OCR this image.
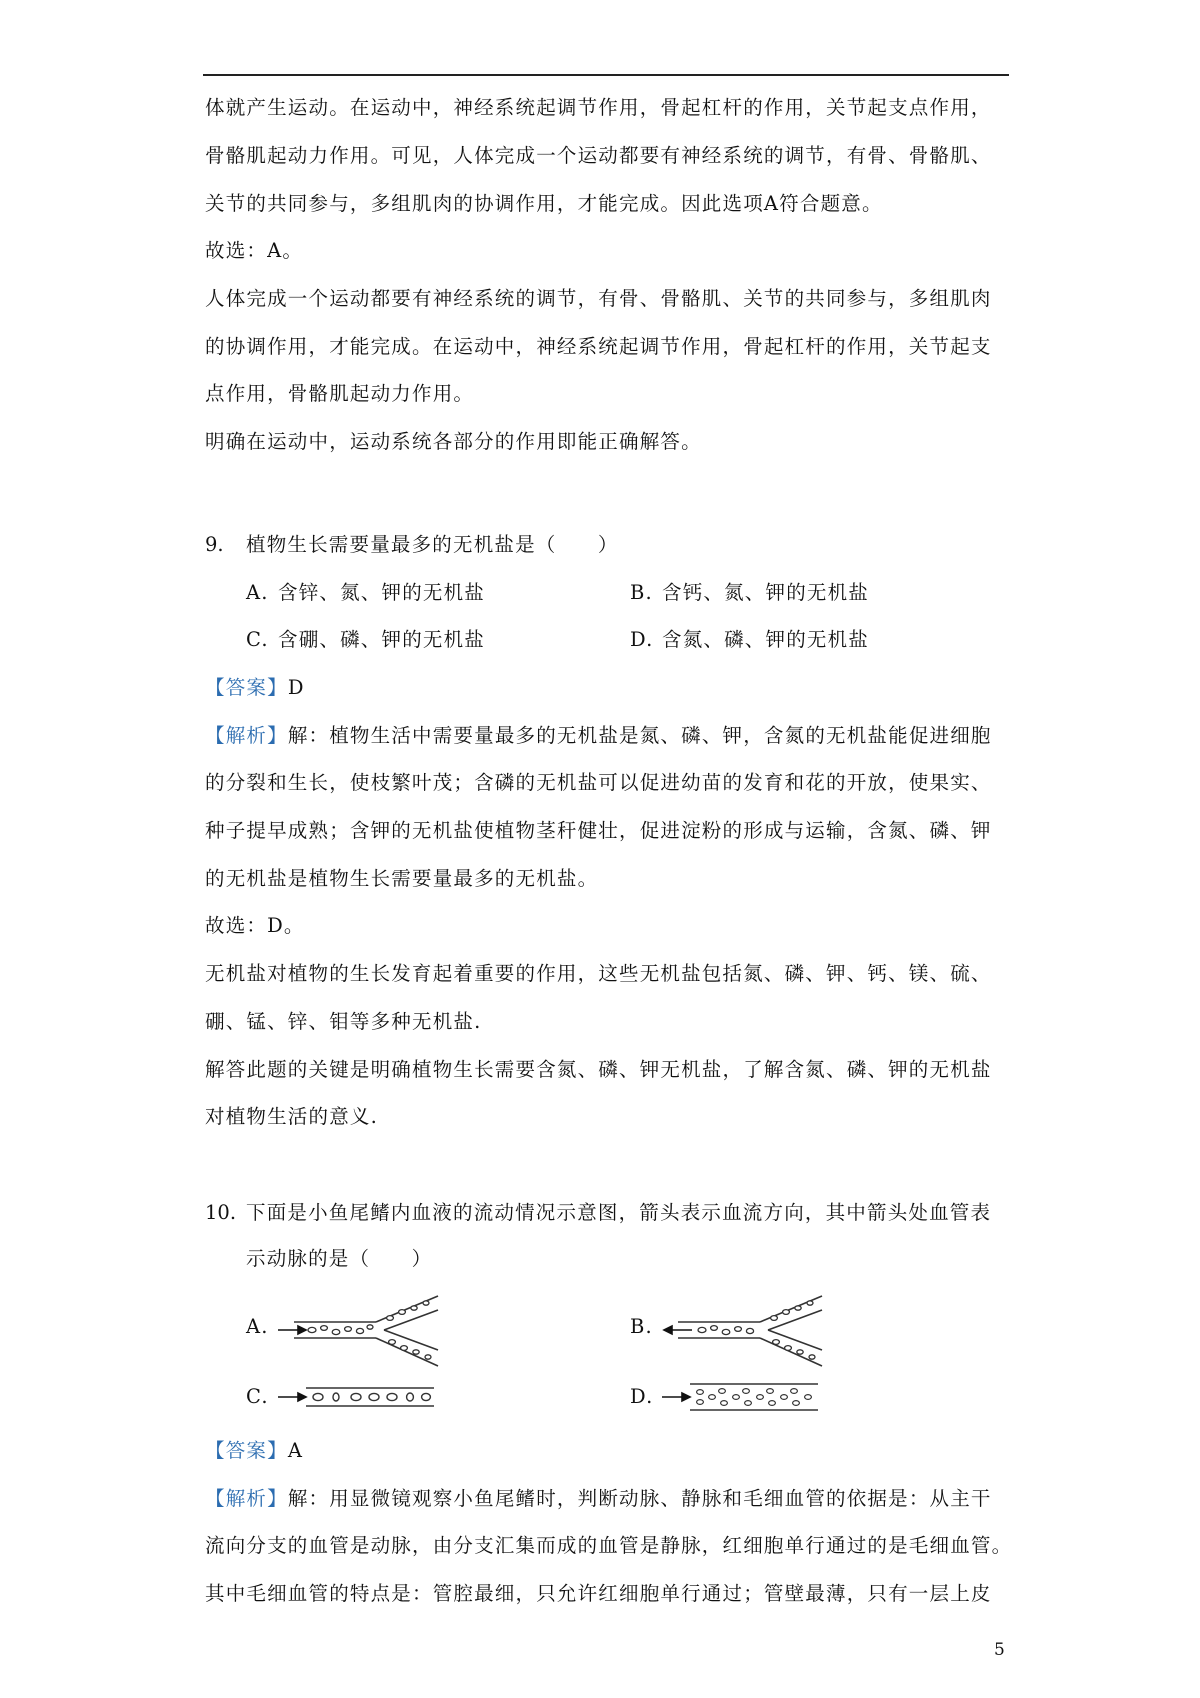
体就产生运动。在运动中，神经系统起调节作用，骨起杠杆的作用，关节起支点作用，
骨骼肌起动力作用。可见，人体完成一个运动都要有神经系统的调节，有骨、骨骼肌、
关节的共同参与，多组肌肉的协调作用，才能完成。因此选项A符合题意。
故选：A。
人体完成一个运动都要有神经系统的调节，有骨、骨骼肌、关节的共同参与，多组肌肉
的协调作用，才能完成。在运动中，神经系统起调节作用，骨起杠杆的作用，关节起支
点作用，骨骼肌起动力作用。
明确在运动中，运动系统各部分的作用即能正确解答。
9. 植物生长需要量最多的无机盐是（　　）
A. 含锌、氮、钾的无机盐	B. 含钙、氮、钾的无机盐
C. 含硼、磷、钾的无机盐	D. 含氮、磷、钾的无机盐
【答案】D
【解析】解：植物生活中需要量最多的无机盐是氮、磷、钾，含氮的无机盐能促进细胞
的分裂和生长，使枝繁叶茂；含磷的无机盐可以促进幼苗的发育和花的开放，使果实、
种子提早成熟；含钾的无机盐使植物茎秆健壮，促进淀粉的形成与运输，含氮、磷、钾
的无机盐是植物生长需要量最多的无机盐。
故选：D。
无机盐对植物的生长发育起着重要的作用，这些无机盐包括氮、磷、钾、钙、镁、硫、
硼、锰、锌、钼等多种无机盐.
解答此题的关键是明确植物生长需要含氮、磷、钾无机盐，了解含氮、磷、钾的无机盐
对植物生活的意义.
10. 下面是小鱼尾鳍内血液的流动情况示意图，箭头表示血流方向，其中箭头处血管表
示动脉的是（　　）
A.	B.
C.	D.
【答案】A
【解析】解：用显微镜观察小鱼尾鳍时，判断动脉、静脉和毛细血管的依据是：从主干
流向分支的血管是动脉，由分支汇集而成的血管是静脉，红细胞单行通过的是毛细血管。
其中毛细血管的特点是：管腔最细，只允许红细胞单行通过；管壁最薄，只有一层上皮
5
